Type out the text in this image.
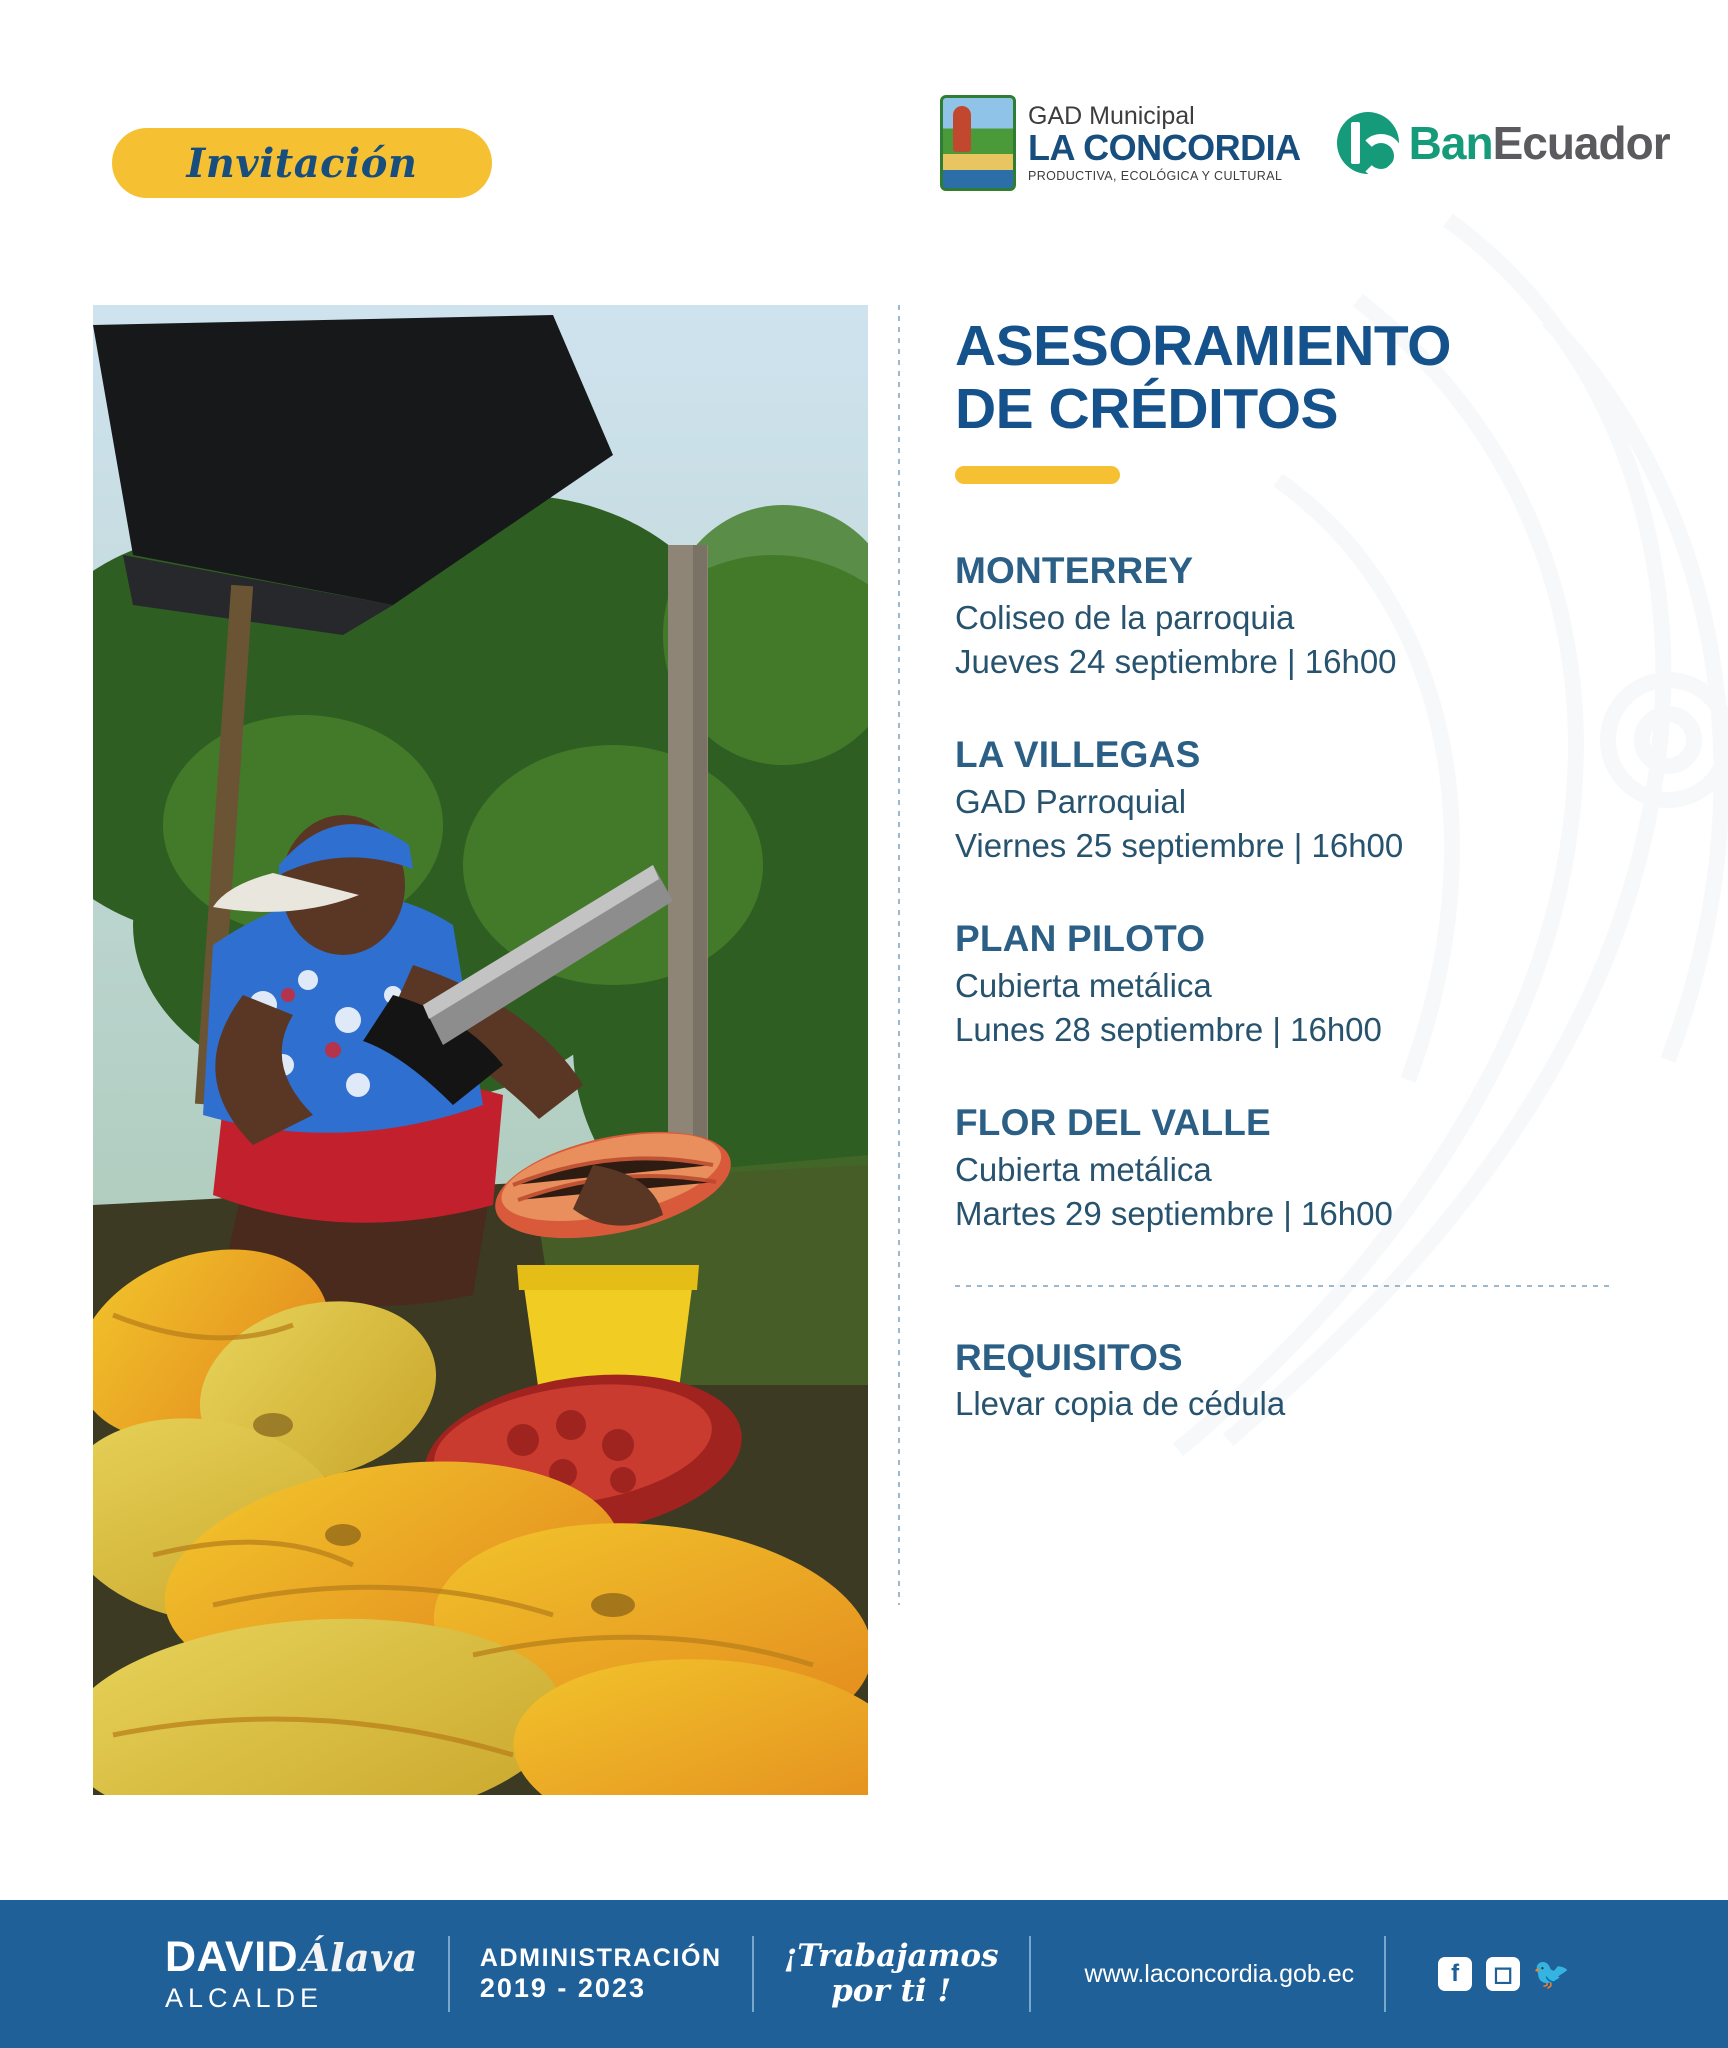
Invitación
GAD Municipal
LA CONCORDIA
PRODUCTIVA, ECOLÓGICA Y CULTURAL
BanEcuador
ASESORAMIENTO
DE CRÉDITOS
MONTERREY
Coliseo de la parroquia
Jueves 24 septiembre | 16h00
LA VILLEGAS
GAD Parroquial
Viernes 25 septiembre | 16h00
PLAN PILOTO
Cubierta metálica
Lunes 28 septiembre | 16h00
FLOR DEL VALLE
Cubierta metálica
Martes 29 septiembre | 16h00
REQUISITOS
Llevar copia de cédula
DAVIDÁlava
ALCALDE
ADMINISTRACIÓN
2019 - 2023
¡Trabajamos
por ti !	www.laconcordia.gob.ec	f	◻ 🐦
